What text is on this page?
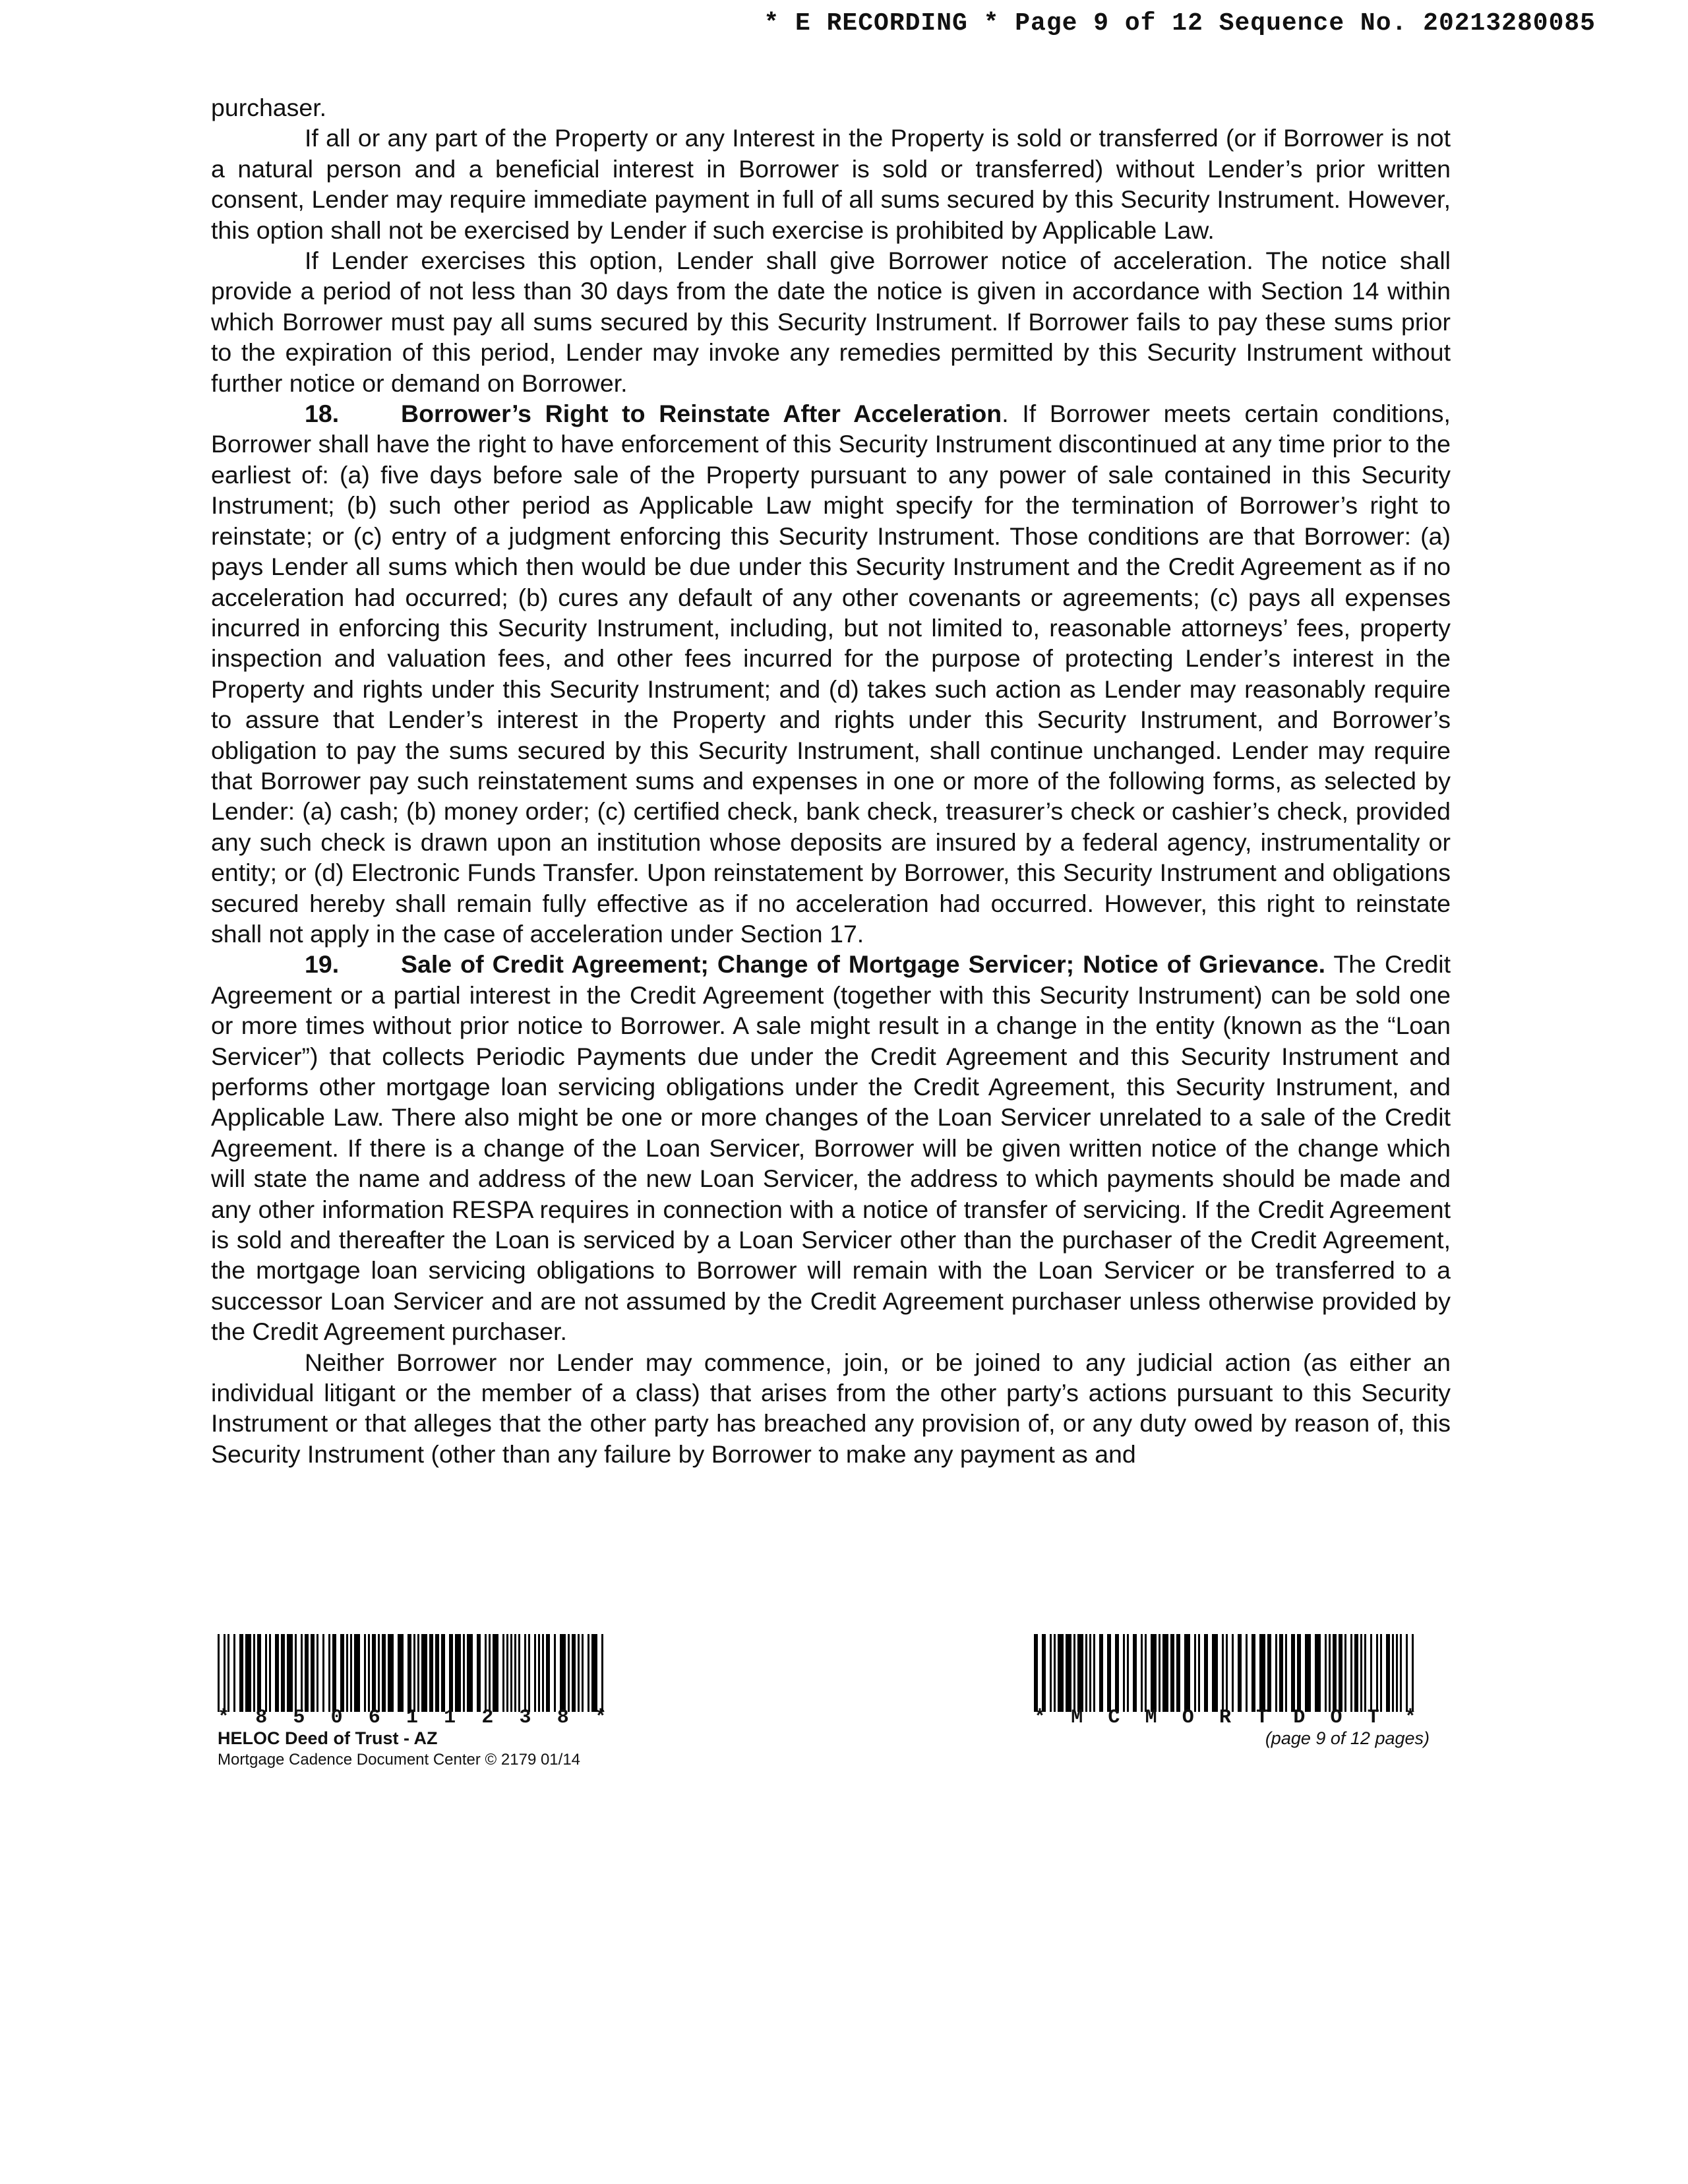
* E RECORDING * Page 9 of 12 Sequence No. 20213280085

purchaser.

If all or any part of the Property or any Interest in the Property is sold or transferred (or if Borrower is not a natural person and a beneficial interest in Borrower is sold or transferred) without Lender’s prior written consent, Lender may require immediate payment in full of all sums secured by this Security Instrument. However, this option shall not be exercised by Lender if such exercise is prohibited by Applicable Law.

If Lender exercises this option, Lender shall give Borrower notice of acceleration. The notice shall provide a period of not less than 30 days from the date the notice is given in accordance with Section 14 within which Borrower must pay all sums secured by this Security Instrument. If Borrower fails to pay these sums prior to the expiration of this period, Lender may invoke any remedies permitted by this Security Instrument without further notice or demand on Borrower.

18.	Borrower’s Right to Reinstate After Acceleration. If Borrower meets certain conditions, Borrower shall have the right to have enforcement of this Security Instrument discontinued at any time prior to the earliest of: (a) five days before sale of the Property pursuant to any power of sale contained in this Security Instrument; (b) such other period as Applicable Law might specify for the termination of Borrower’s right to reinstate; or (c) entry of a judgment enforcing this Security Instrument. Those conditions are that Borrower: (a) pays Lender all sums which then would be due under this Security Instrument and the Credit Agreement as if no acceleration had occurred; (b) cures any default of any other covenants or agreements; (c) pays all expenses incurred in enforcing this Security Instrument, including, but not limited to, reasonable attorneys’ fees, property inspection and valuation fees, and other fees incurred for the purpose of protecting Lender’s interest in the Property and rights under this Security Instrument; and (d) takes such action as Lender may reasonably require to assure that Lender’s interest in the Property and rights under this Security Instrument, and Borrower’s obligation to pay the sums secured by this Security Instrument, shall continue unchanged. Lender may require that Borrower pay such reinstatement sums and expenses in one or more of the following forms, as selected by Lender: (a) cash; (b) money order; (c) certified check, bank check, treasurer’s check or cashier’s check, provided any such check is drawn upon an institution whose deposits are insured by a federal agency, instrumentality or entity; or (d) Electronic Funds Transfer. Upon reinstatement by Borrower, this Security Instrument and obligations secured hereby shall remain fully effective as if no acceleration had occurred. However, this right to reinstate shall not apply in the case of acceleration under Section 17.

19.	Sale of Credit Agreement; Change of Mortgage Servicer; Notice of Grievance. The Credit Agreement or a partial interest in the Credit Agreement (together with this Security Instrument) can be sold one or more times without prior notice to Borrower. A sale might result in a change in the entity (known as the “Loan Servicer”) that collects Periodic Payments due under the Credit Agreement and this Security Instrument and performs other mortgage loan servicing obligations under the Credit Agreement, this Security Instrument, and Applicable Law. There also might be one or more changes of the Loan Servicer unrelated to a sale of the Credit Agreement. If there is a change of the Loan Servicer, Borrower will be given written notice of the change which will state the name and address of the new Loan Servicer, the address to which payments should be made and any other information RESPA requires in connection with a notice of transfer of servicing. If the Credit Agreement is sold and thereafter the Loan is serviced by a Loan Servicer other than the purchaser of the Credit Agreement, the mortgage loan servicing obligations to Borrower will remain with the Loan Servicer or be transferred to a successor Loan Servicer and are not assumed by the Credit Agreement purchaser unless otherwise provided by the Credit Agreement purchaser.

Neither Borrower nor Lender may commence, join, or be joined to any judicial action (as either an individual litigant or the member of a class) that arises from the other party’s actions pursuant to this Security Instrument or that alleges that the other party has breached any provision of, or any duty owed by reason of, this Security Instrument (other than any failure by Borrower to make any payment as and

* 8 5 0 6 1 1 2 3 8 *
HELOC Deed of Trust - AZ
Mortgage Cadence Document Center © 2179 01/14
* M C M O R T D O T *
(page 9 of 12 pages)
